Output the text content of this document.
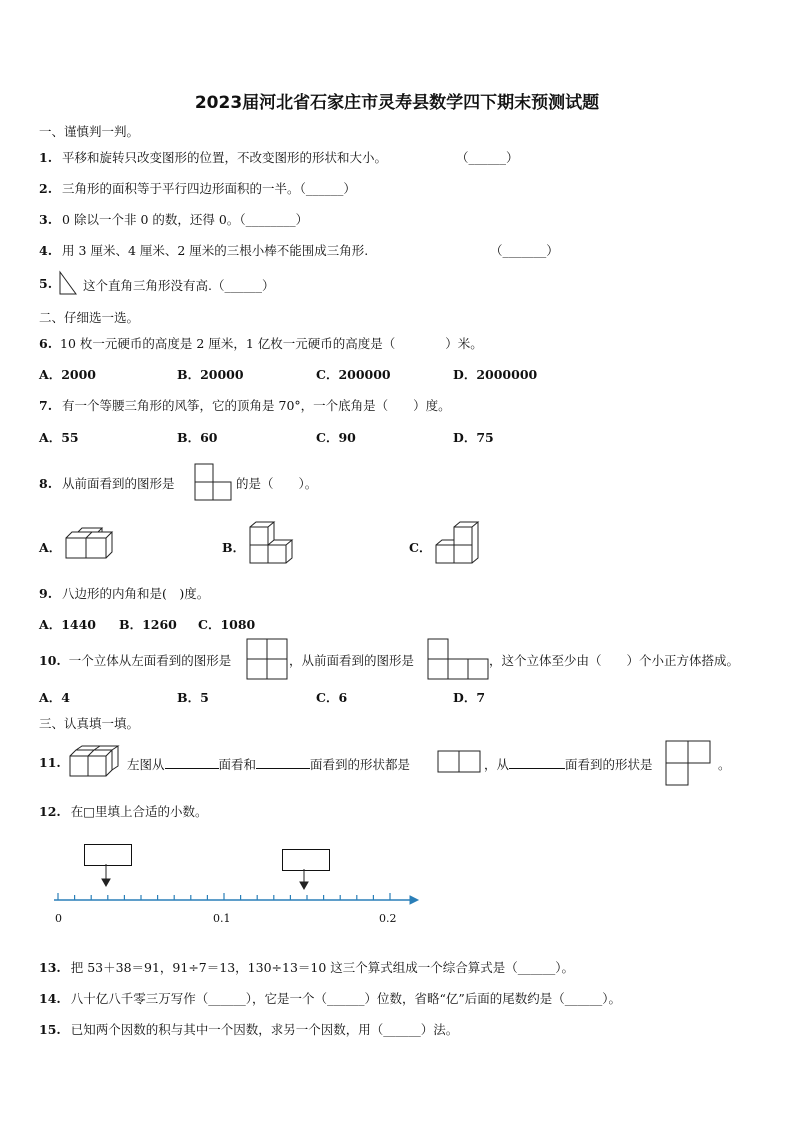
2023届河北省石家庄市灵寿县数学四下期末预测试题
一、谨慎判一判。
1. 平移和旋转只改变图形的位置，不改变图形的形状和大小。	（______）
2. 三角形的面积等于平行四边形面积的一半。（______）
3. 0 除以一个非 0 的数，还得 0。（________）
4. 用 3 厘米、4 厘米、2 厘米的三根小棒不能围成三角形.	（_______）
5. 这个直角三角形没有高.（______）
二、仔细选一选。
6. 10 枚一元硬币的高度是 2 厘米，1 亿枚一元硬币的高度是（　　　　）米。
A．2000	B．20000	C．200000	D．2000000
7. 有一个等腰三角形的风筝，它的顶角是 70°，一个底角是（　　）度。
A．55	B．60	C．90	D．75
8. 从前面看到的图形是	的是（　　）。
A．	B．	C．
9. 八边形的内角和是(　)度。
A．1440 B．1260 C．1080
10. 一个立体从左面看到的图形是	，从前面看到的图形是	，这个立体至少由（　　）个小正方体搭成。
A．4	B．5	C．6	D．7
三、认真填一填。
11.	左图从	面看和	面看到的形状都是	，从	面看到的形状是	。
12. 在□里填上合适的小数。
0	0.1	0.2
13. 把 53＋38＝91，91÷7＝13，130÷13＝10 这三个算式组成一个综合算式是（______）。
14. 八十亿八千零三万写作（______），它是一个（______）位数，省略“亿”后面的尾数约是（______）。
15. 已知两个因数的积与其中一个因数，求另一个因数，用（______）法。
